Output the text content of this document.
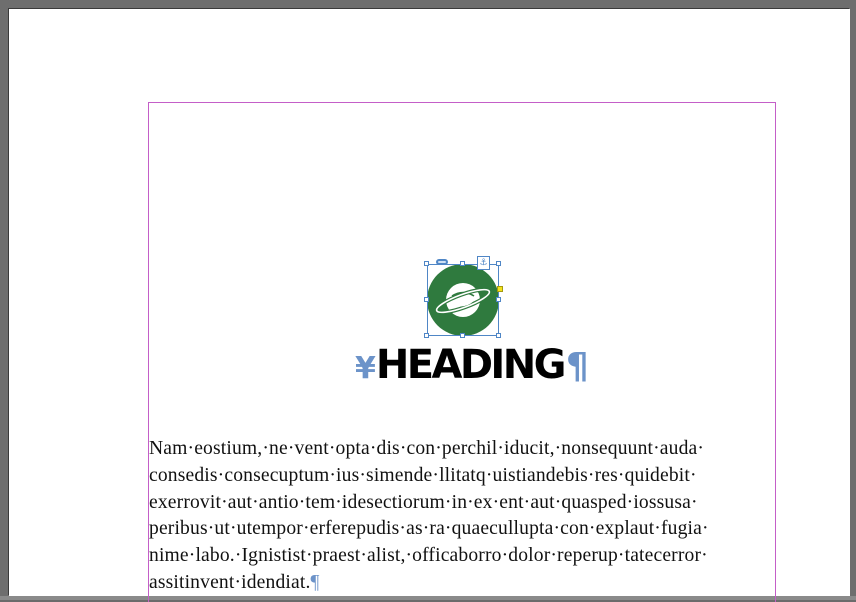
⚓
¥ HEADING ¶
Nam·eostium,·ne·vent·opta·dis·con·perchil·iducit,·nonsequunt·auda·
consedis·consecuptum·ius·simende·llitatq·uistiandebis·res·quidebit·
exerrovit·aut·antio·tem·idesectiorum·in·ex·ent·aut·quasped·iossusa·
peribus·ut·utempor·erferepudis·as·ra·quaecullupta·con·explaut·fugia·
nime·labo.·Ignistist·praest·alist,·officaborro·dolor·reperup·tatecerror·
assitinvent·idendiat.¶
